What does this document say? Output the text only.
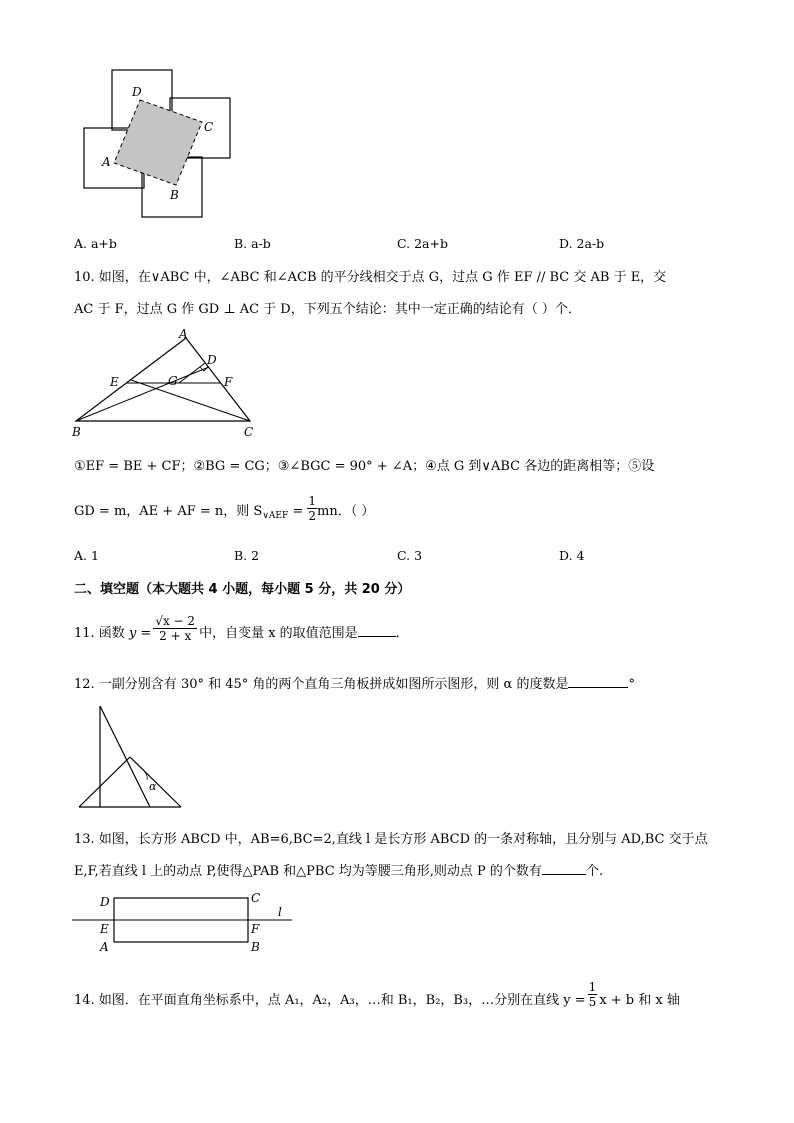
D
C
A
B
A. a+b	B. a-b	C. 2a+b	D. 2a-b
10. 如图，在∨ABC 中，∠ABC 和∠ACB 的平分线相交于点 G，过点 G 作 EF // BC 交 AB 于 E，交
AC 于 F，过点 G 作 GD ⊥ AC 于 D，下列五个结论：其中一定正确的结论有（ ）个．
A
D
E	G	F
B	C
①EF = BE + CF；②BG = CG；③∠BGC = 90° + ∠A；④点 G 到∨ABC 各边的距离相等；⑤设
GD = m，AE + AF = n，则 $S_{\vee AEF} = \frac{1}{2}$ mn．（ ）
A. 1	B. 2	C. 3	D. 4
二、填空题（本大题共 4 小题，每小题 5 分，共 20 分）
11. 函数 $y = \frac{√x - 2}{2 + x}$ 中，自变量 x 的取值范围是	．
12. 一副分别含有 30° 和 45° 角的两个直角三角板拼成如图所示图形，则 α 的度数是	°
α
13. 如图，长方形 ABCD 中，AB=6,BC=2,直线 l 是长方形 ABCD 的一条对称轴，且分别与 AD,BC 交于点
E,F,若直线 l 上的动点 P,使得△PAB 和△PBC 均为等腰三角形,则动点 P 的个数有	个.
D	C
l
E	F
A	B
14. 如图．在平面直角坐标系中，点 A₁，A₂，A₃，…和 B₁，B₂，B₃，…分别在直线 $y = \frac{1}{5}$ x + b 和 x 轴
